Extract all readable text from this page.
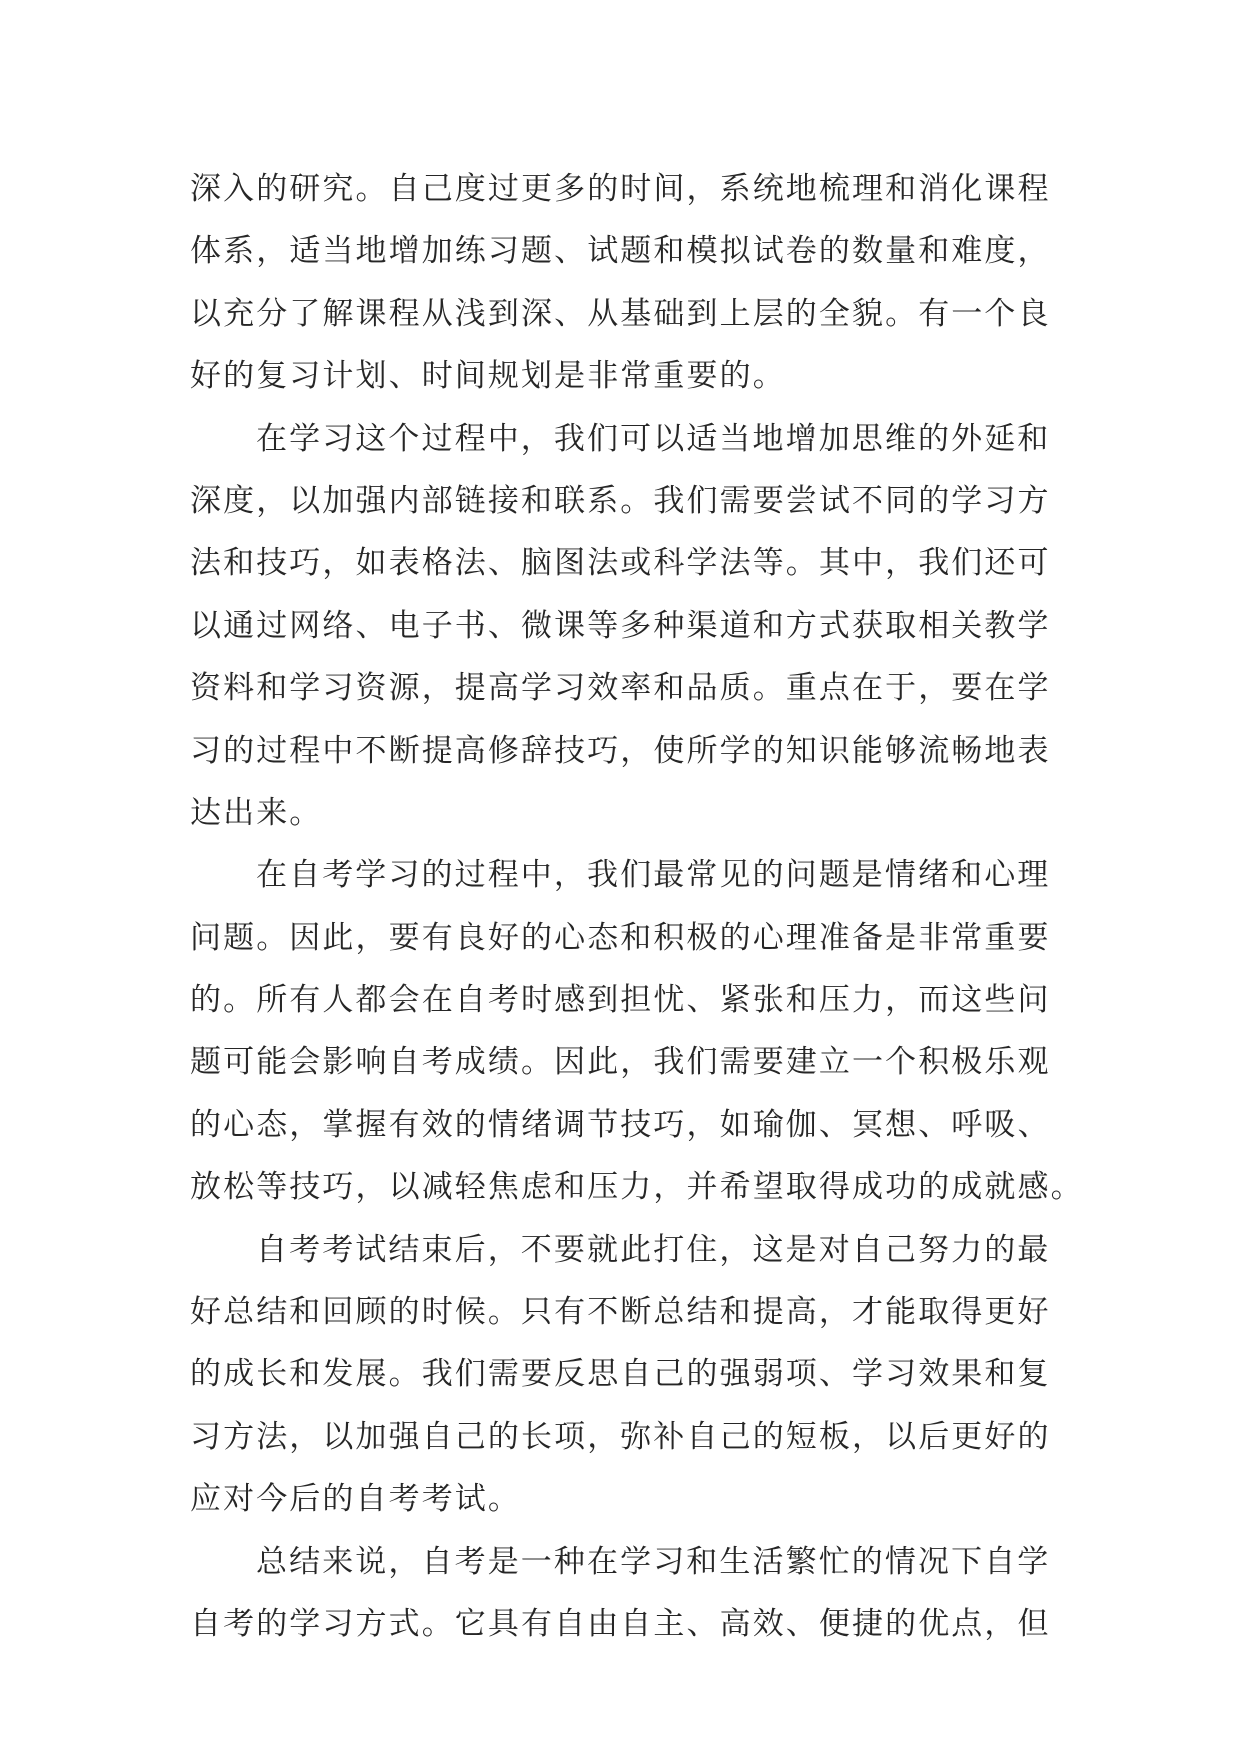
深入的研究。自己度过更多的时间，系统地梳理和消化课程
体系，适当地增加练习题、试题和模拟试卷的数量和难度，
以充分了解课程从浅到深、从基础到上层的全貌。有一个良
好的复习计划、时间规划是非常重要的。
在学习这个过程中，我们可以适当地增加思维的外延和
深度，以加强内部链接和联系。我们需要尝试不同的学习方
法和技巧，如表格法、脑图法或科学法等。其中，我们还可
以通过网络、电子书、微课等多种渠道和方式获取相关教学
资料和学习资源，提高学习效率和品质。重点在于，要在学
习的过程中不断提高修辞技巧，使所学的知识能够流畅地表
达出来。
在自考学习的过程中，我们最常见的问题是情绪和心理
问题。因此，要有良好的心态和积极的心理准备是非常重要
的。所有人都会在自考时感到担忧、紧张和压力，而这些问
题可能会影响自考成绩。因此，我们需要建立一个积极乐观
的心态，掌握有效的情绪调节技巧，如瑜伽、冥想、呼吸、
放松等技巧，以减轻焦虑和压力，并希望取得成功的成就感。
自考考试结束后，不要就此打住，这是对自己努力的最
好总结和回顾的时候。只有不断总结和提高，才能取得更好
的成长和发展。我们需要反思自己的强弱项、学习效果和复
习方法，以加强自己的长项，弥补自己的短板，以后更好的
应对今后的自考考试。
总结来说，自考是一种在学习和生活繁忙的情况下自学
自考的学习方式。它具有自由自主、高效、便捷的优点，但
